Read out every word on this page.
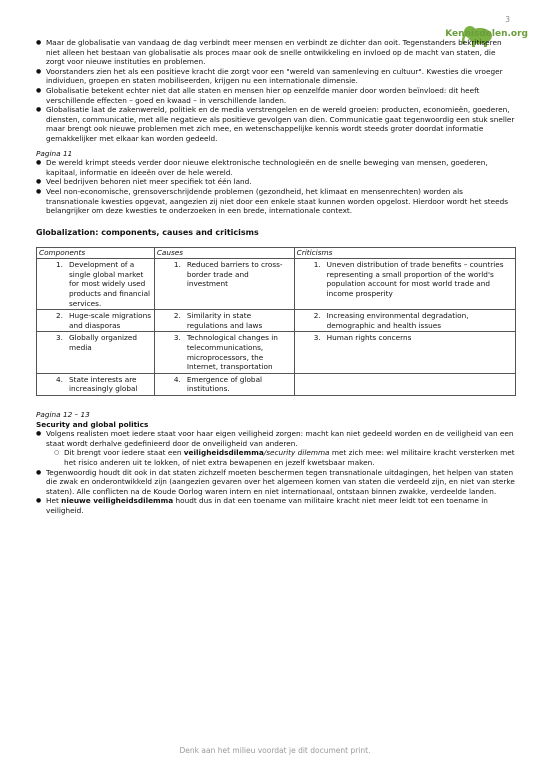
3
Kennisdelen.org
● Maar de globalisatie van vandaag de dag verbindt meer mensen en verbindt ze dichter dan ooit. Tegenstanders bekritiseren niet alleen het bestaan van globalisatie als proces maar ook de snelle ontwikkeling en invloed op de macht van staten, die zorgt voor nieuwe instituties en problemen.
● Voorstanders zien het als een positieve kracht die zorgt voor een "wereld van samenleving en cultuur". Kwesties die vroeger individuen, groepen en staten mobiliseerden, krijgen nu een internationale dimensie.
● Globalisatie betekent echter niet dat alle staten en mensen hier op eenzelfde manier door worden beïnvloed: dit heeft verschillende effecten – goed en kwaad – in verschillende landen.
● Globalisatie laat de zakenwereld, politiek en de media verstrengelen en de wereld groeien: producten, economieën, goederen, diensten, communicatie, met alle negatieve als positieve gevolgen van dien. Communicatie gaat tegenwoordig een stuk sneller maar brengt ook nieuwe problemen met zich mee, en wetenschappelijke kennis wordt steeds groter doordat informatie gemakkelijker met elkaar kan worden gedeeld.
Pagina 11
● De wereld krimpt steeds verder door nieuwe elektronische technologieën en de snelle beweging van mensen, goederen, kapitaal, informatie en ideeën over de hele wereld.
● Veel bedrijven behoren niet meer specifiek tot één land.
● Veel non-economische, grensoverschrijdende problemen (gezondheid, het klimaat en mensenrechten) worden als transnationale kwesties opgevat, aangezien zij niet door een enkele staat kunnen worden opgelost. Hierdoor wordt het steeds belangrijker om deze kwesties te onderzoeken in een brede, internationale context.
Globalization: components, causes and criticisms
Components	Causes	Criticisms

1. Development of a single global market for most widely used products and financial services.	1. Reduced barriers to cross-border trade and investment	1. Uneven distribution of trade benefits – countries representing a small proportion of the world's population account for most world trade and income prosperity

2. Huge-scale migrations and diasporas	2. Similarity in state regulations and laws	2. Increasing environmental degradation, demographic and health issues

3. Globally organized media	3. Technological changes in telecommunications, microprocessors, the Internet, transportation	3. Human rights concerns

4. State interests are increasingly global	4. Emergence of global institutions.	

Pagina 12 – 13
Security and global politics
● Volgens realisten moet iedere staat voor haar eigen veiligheid zorgen: macht kan niet gedeeld worden en de veiligheid van een staat wordt derhalve gedefinieerd door de onveiligheid van anderen.
○ Dit brengt voor iedere staat een veiligheidsdilemma/security dilemma met zich mee: wel militaire kracht versterken met het risico anderen uit te lokken, of niet extra bewapenen en jezelf kwetsbaar maken.
● Tegenwoordig houdt dit ook in dat staten zichzelf moeten beschermen tegen transnationale uitdagingen, het helpen van staten die zwak en onderontwikkeld zijn (aangezien gevaren over het algemeen komen van staten die verdeeld zijn, en niet van sterke staten). Alle conflicten na de Koude Oorlog waren intern en niet internationaal, ontstaan binnen zwakke, verdeelde landen.
● Het nieuwe veiligheidsdilemma houdt dus in dat een toename van militaire kracht niet meer leidt tot een toename in veiligheid.
Denk aan het milieu voordat je dit document print.
